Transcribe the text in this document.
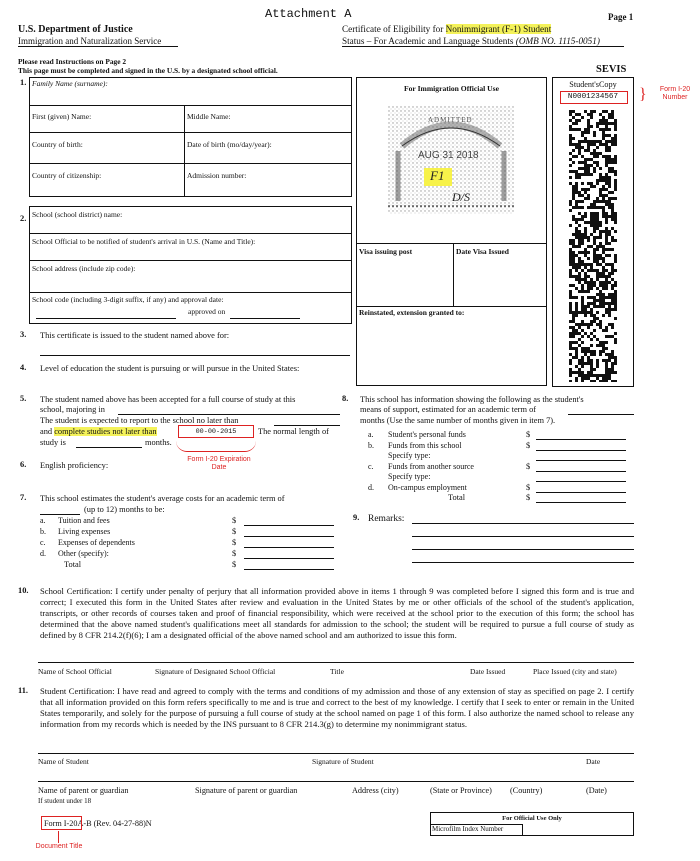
Attachment A	Page 1
U.S. Department of Justice
Immigration and Naturalization Service
Certificate of Eligibility for Nonimmigrant (F-1) Student
Status – For Academic and Language Students (OMB NO. 1115-0051)
Please read Instructions on Page 2
This page must be completed and signed in the U.S. by a designated school official.	SEVIS
1. Family Name (surname):
First (given) Name:	Middle Name:
Country of birth:	Date of birth (mo/day/year):
Country of citizenship:	Admission number:
2. School (school district) name:
School Official to be notified of student's arrival in U.S. (Name and Title):
School address (include zip code):
School code (including 3-digit suffix, if any) and approval date:
approved on
For Immigration Official Use
ADMITTED
AUG 31 2018
F1
D/S
Visa issuing post	Date Visa Issued
Reinstated, extension granted to:
Student'sCopy
N0001234567	}	Form I-20 Number
3. This certificate is issued to the student named above for:
4. Level of education the student is pursuing or will pursue in the United States:
5. The student named above has been accepted for a full course of study at this
school, majoring in
The student is expected to report to the school no later than
and complete studies not later than	00-00-2015	The normal length of
study is	months.
Form I-20 Expiration Date
6. English proficiency:
7. This school estimates the student's average costs for an academic term of
(up to 12) months to be:
a. Tuition and fees	$
b. Living expenses	$
c. Expenses of dependents	$
d. Other (specify):	$
Total	$
8. This school has information showing the following as the student's
means of support, estimated for an academic term of
months (Use the same number of months given in item 7).
a. Student's personal funds	$
b. Funds from this school	$
Specify type:
c. Funds from another source	$
Specify type:
d. On-campus employment	$
Total	$
9. Remarks:
10. School Certification: I certify under penalty of perjury that all information provided above in items 1 through 9 was completed before I signed this form and is true and correct; I executed this form in the United States after review and evaluation in the United States by me or other officials of the school of the student's application, transcripts, or other records of courses taken and proof of financial responsibility, which were received at the school prior to the execution of this form; the school has determined that the above named student's qualifications meet all standards for admission to the school; the student will be required to pursue a full course of study as defined by 8 CFR 214.2(f)(6); I am a designated official of the above named school and am authorized to issue this form.
Name of School Official	Signature of Designated School Official	Title	Date Issued	Place Issued (city and state)
11. Student Certification: I have read and agreed to comply with the terms and conditions of my admission and those of any extension of stay as specified on page 2. I certify that all information provided on this form refers specifically to me and is true and correct to the best of my knowledge. I certify that I seek to enter or remain in the United States temporarily, and solely for the purpose of pursuing a full course of study at the school named on page 1 of this form. I also authorize the named school to release any information from my records which is needed by the INS pursuant to 8 CFR 214.3(g) to determine my nonimmigrant status.
Name of Student	Signature of Student	Date
Name of parent or guardian	Signature of parent or guardian	Address (city)	(State or Province) (Country)	(Date)
If student under 18
Form I-20A-B (Rev. 04-27-88)N
Document Title
For Official Use Only
Microfilm Index Number
